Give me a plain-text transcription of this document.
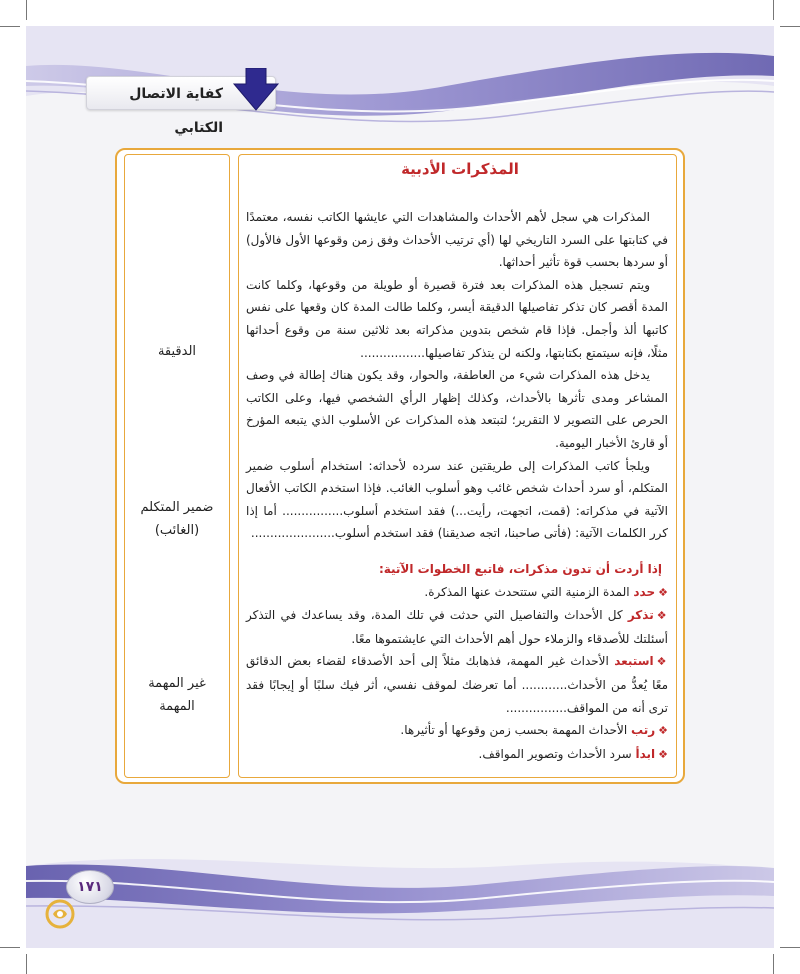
كفاية الاتصال الكتابي
المذكرات الأدبية

المذكرات هي سجل لأهم الأحداث والمشاهدات التي عايشها الكاتب نفسه، معتمدًا في كتابتها على السرد التاريخي لها (أي ترتيب الأحداث وفق زمن وقوعها الأول فالأول) أو سردها بحسب قوة تأثير أحداثها.

ويتم تسجيل هذه المذكرات بعد فترة قصيرة أو طويلة من وقوعها، وكلما كانت المدة أقصر كان تذكر تفاصيلها الدقيقة أيسر، وكلما طالت المدة كان وقعها على نفس كاتبها ألذ وأجمل. فإذا قام شخص بتدوين مذكراته بعد ثلاثين سنة من وقوع أحداثها مثلًا، فإنه سيتمتع بكتابتها، ولكنه لن يتذكر تفاصيلها.................

يدخل هذه المذكرات شيء من العاطفة، والحوار، وقد يكون هناك إطالة في وصف المشاعر ومدى تأثرها بالأحداث، وكذلك إظهار الرأي الشخصي فيها، وعلى الكاتب الحرص على التصوير لا التقرير؛ لتبتعد هذه المذكرات عن الأسلوب الذي يتبعه المؤرخ أو قارئ الأخبار اليومية.

ويلجأ كاتب المذكرات إلى طريقتين عند سرده لأحداثه: استخدام أسلوب ضمير المتكلم، أو سرد أحداث شخص غائب وهو أسلوب الغائب. فإذا استخدم الكاتب الأفعال الآتية في مذكراته: (قمت، اتجهت، رأيت...) فقد استخدم أسلوب................ أما إذا كرر الكلمات الآتية: (فأتى صاحبنا، اتجه صديقنا) فقد استخدم أسلوب......................

إذا أردت أن تدون مذكرات، فاتبع الخطوات الآتية:

❖حدد المدة الزمنية التي ستتحدث عنها المذكرة.
❖تذكر كل الأحداث والتفاصيل التي حدثت في تلك المدة، وقد يساعدك في التذكر أسئلتك للأصدقاء والزملاء حول أهم الأحداث التي عايشتموها معًا.
❖استبعد الأحداث غير المهمة، فذهابك مثلاً إلى أحد الأصدقاء لقضاء بعض الدقائق معًا يُعدُّ من الأحداث............ أما تعرضك لموقف نفسي، أثر فيك سلبًا أو إيجابًا فقد ترى أنه من المواقف................
❖رتب الأحداث المهمة بحسب زمن وقوعها أو تأثيرها.
❖ابدأ سرد الأحداث وتصوير المواقف.
الدقيقة
ضمير المتكلم
(الغائب)
غير المهمة
المهمة
١٧١
